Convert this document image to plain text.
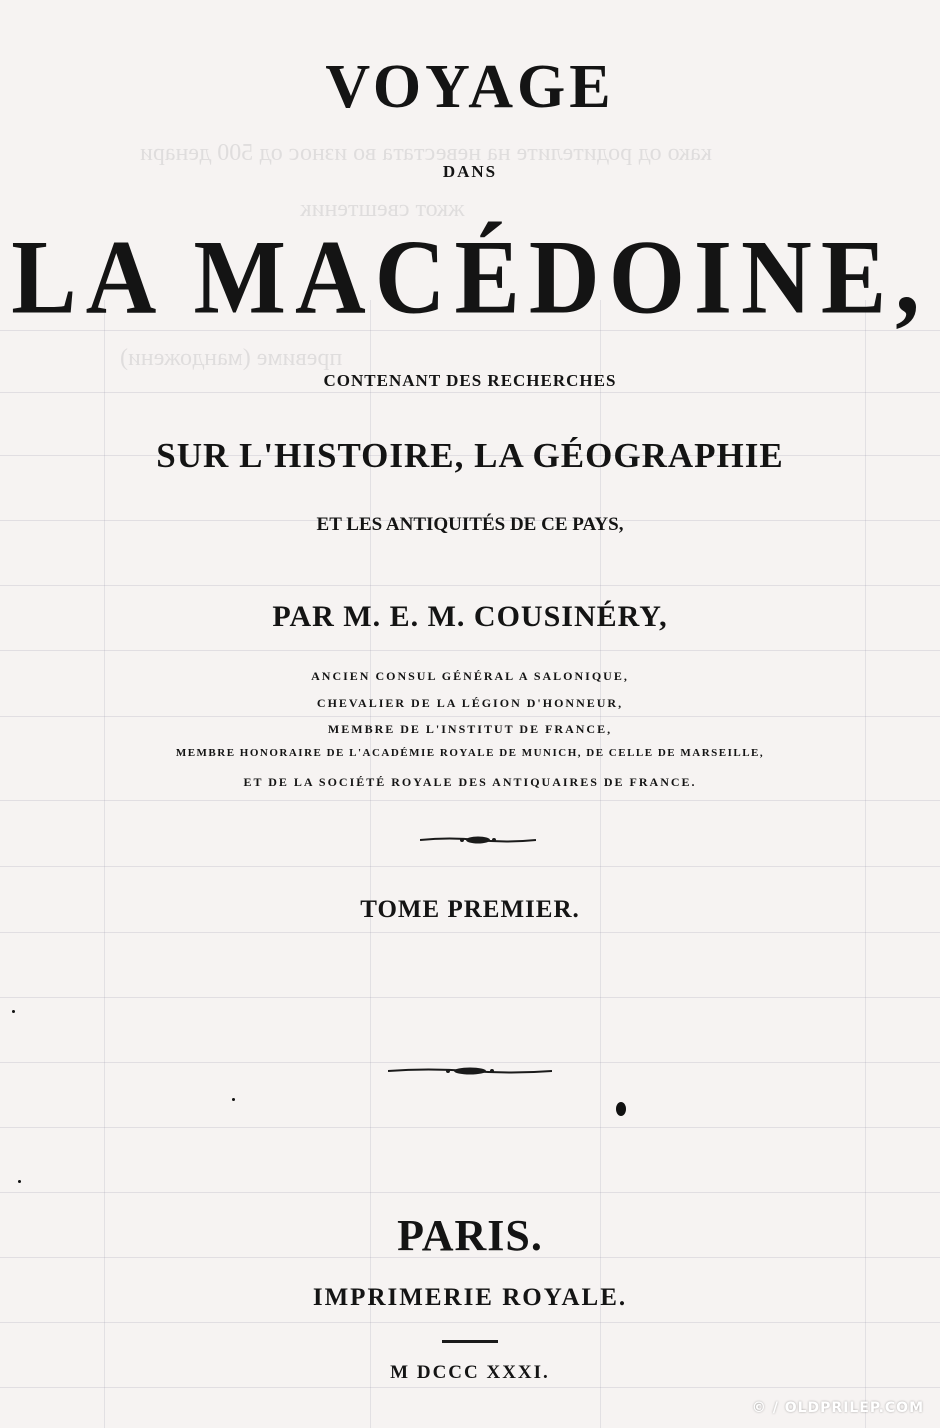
како од родителите на невестата во износ од 500 денари
жкот свештеник
превиме (мандожени)
VOYAGE
DANS
LA MACÉDOINE,
CONTENANT DES RECHERCHES
SUR L'HISTOIRE, LA GÉOGRAPHIE
ET LES ANTIQUITÉS DE CE PAYS,
PAR M. E. M. COUSINÉRY,
ANCIEN CONSUL GÉNÉRAL A SALONIQUE,
CHEVALIER DE LA LÉGION D'HONNEUR,
MEMBRE DE L'INSTITUT DE FRANCE,
MEMBRE HONORAIRE DE L'ACADÉMIE ROYALE DE MUNICH, DE CELLE DE MARSEILLE,
ET DE LA SOCIÉTÉ ROYALE DES ANTIQUAIRES DE FRANCE.
TOME PREMIER.
PARIS.
IMPRIMERIE ROYALE.
M DCCC XXXI.
© / OLDPRILEP.COM
